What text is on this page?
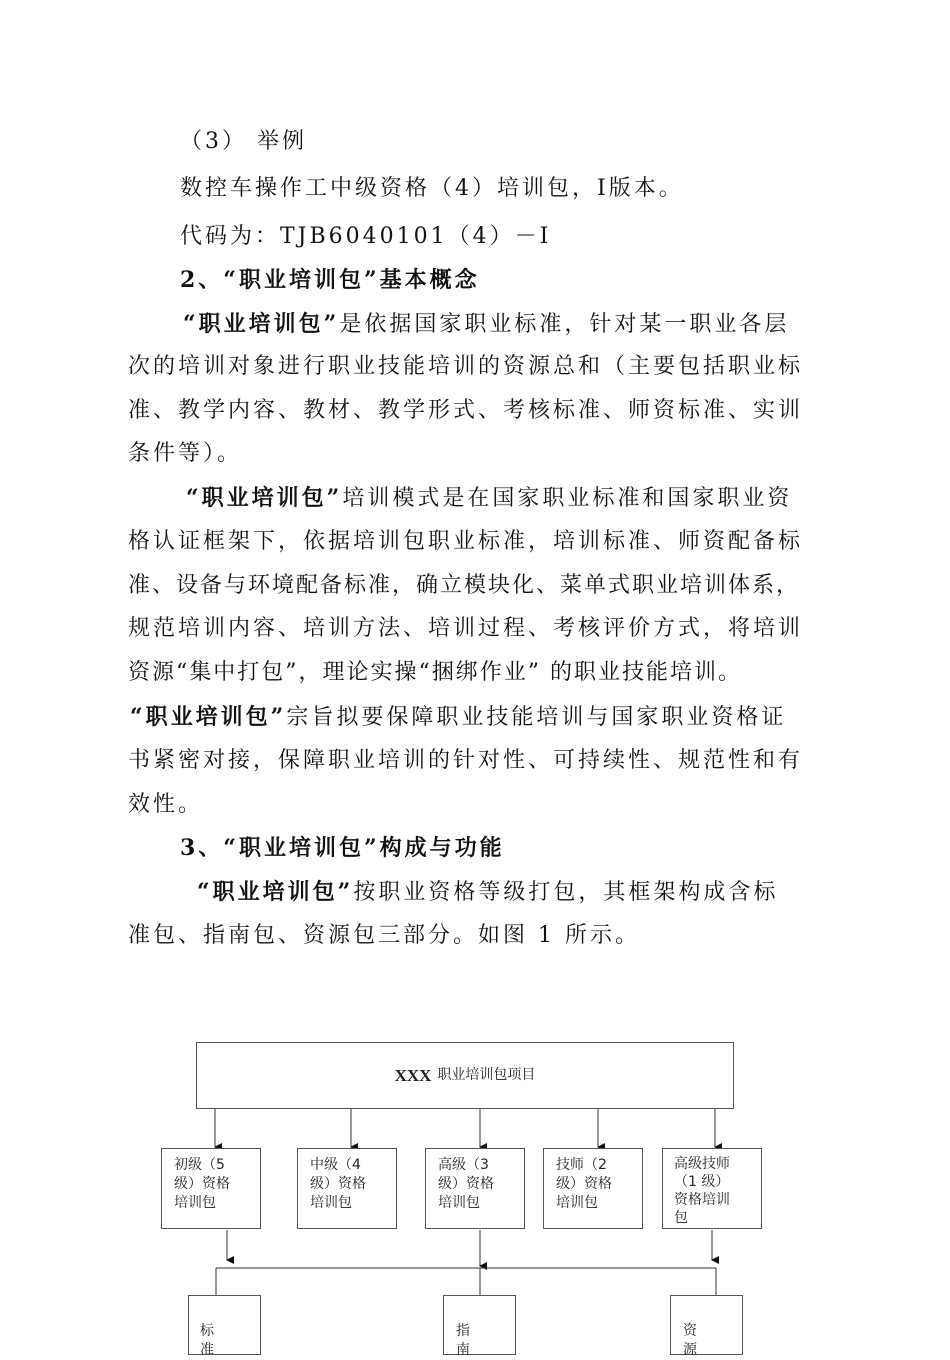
（3） 举例
数控车操作工中级资格（4）培训包，Ⅰ版本。
代码为：TJB6040101（4）－Ⅰ
2、“职业培训包”基本概念
“职业培训包”是依据国家职业标准，针对某一职业各层
次的培训对象进行职业技能培训的资源总和（主要包括职业标
准、教学内容、教材、教学形式、考核标准、师资标准、实训
条件等）。
“职业培训包”培训模式是在国家职业标准和国家职业资
格认证框架下，依据培训包职业标准，培训标准、师资配备标
准、设备与环境配备标准，确立模块化、菜单式职业培训体系，
规范培训内容、培训方法、培训过程、考核评价方式，将培训
资源“集中打包”，理论实操“捆绑作业” 的职业技能培训。
“职业培训包”宗旨拟要保障职业技能培训与国家职业资格证
书紧密对接，保障职业培训的针对性、可持续性、规范性和有
效性。
3、“职业培训包”构成与功能
“职业培训包”按职业资格等级打包，其框架构成含标
准包、指南包、资源包三部分。如图 1 所示。
XXX 职业培训包项目
初级（5
级）资格
培训包
中级（4
级）资格
培训包
高级（3
级）资格
培训包
技师（2
级）资格
培训包
高级技师
（1 级）
资格培训
包
标
准
指
南
资
源
